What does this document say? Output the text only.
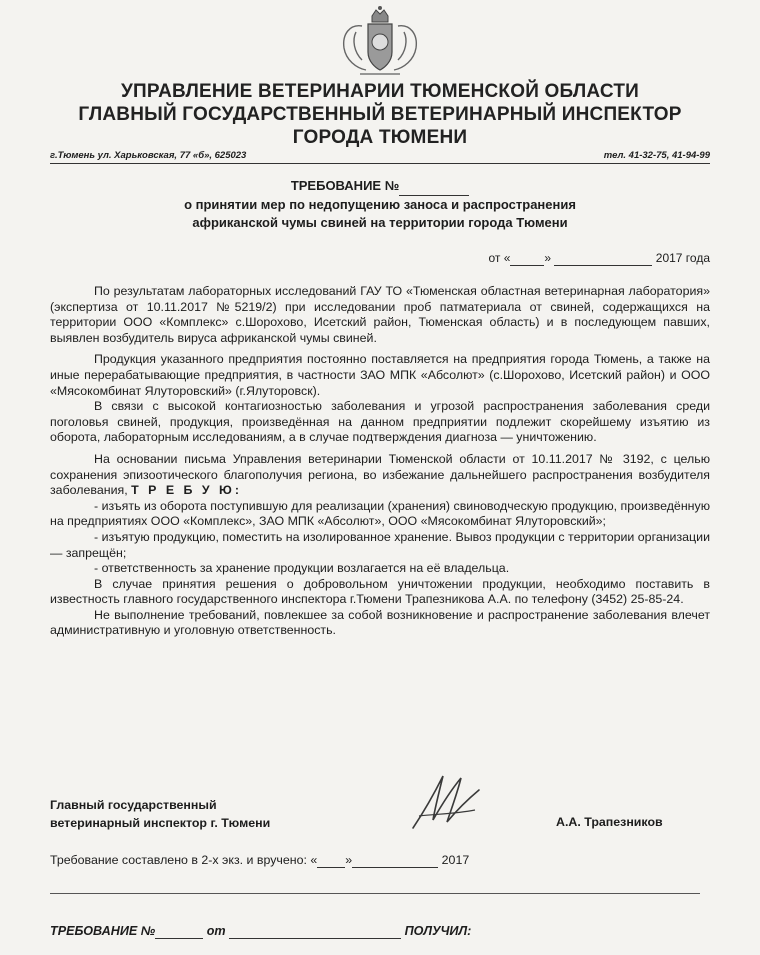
УПРАВЛЕНИЕ ВЕТЕРИНАРИИ ТЮМЕНСКОЙ ОБЛАСТИ
ГЛАВНЫЙ ГОСУДАРСТВЕННЫЙ ВЕТЕРИНАРНЫЙ ИНСПЕКТОР
ГОРОДА ТЮМЕНИ
г.Тюмень ул. Харьковская, 77 «б», 625023	тел. 41-32-75, 41-94-99
ТРЕБОВАНИЕ №
о принятии мер по недопущению заноса и распространения
африканской чумы свиней на территории города Тюмени
от «	»	2017 года

По результатам лабораторных исследований ГАУ ТО «Тюменская областная ветеринарная лаборатория» (экспертиза от 10.11.2017 №5219/2) при исследовании проб патматериала от свиней, содержащихся на территории ООО «Комплекс» с.Шорохово, Исетский район, Тюменская область) и в последующем павших, выявлен возбудитель вируса африканской чумы свиней.

Продукция указанного предприятия постоянно поставляется на предприятия города Тюмень, а также на иные перерабатывающие предприятия, в частности ЗАО МПК «Абсолют» (с.Шорохово, Исетский район) и ООО «Мясокомбинат Ялуторовский» (г.Ялуторовск).

В связи с высокой контагиозностью заболевания и угрозой распространения заболевания среди поголовья свиней, продукция, произведённая на данном предприятии подлежит скорейшему изъятию из оборота, лабораторным исследованиям, а в случае подтверждения диагноза — уничтожению.

На основании письма Управления ветеринарии Тюменской области от 10.11.2017 № 3192, с целью сохранения эпизоотического благополучия региона, во избежание дальнейшего распространения возбудителя заболевания, Т Р Е Б У Ю:

- изъять из оборота поступившую для реализации (хранения) свиноводческую продукцию, произведённую на предприятиях ООО «Комплекс», ЗАО МПК «Абсолют», ООО «Мясокомбинат Ялуторовский»;

- изъятую продукцию, поместить на изолированное хранение. Вывоз продукции с территории организации — запрещён;

- ответственность за хранение продукции возлагается на её владельца.

В случае принятия решения о добровольном уничтожении продукции, необходимо поставить в известность главного государственного инспектора г.Тюмени Трапезникова А.А. по телефону (3452) 25-85-24.

Не выполнение требований, повлекшее за собой возникновение и распространение заболевания влечет административную и уголовную ответственность.

Главный государственный
ветеринарный инспектор г. Тюмени	А.А. Трапезников
Требование составлено в 2-х экз. и вручено: « »	2017
ТРЕБОВАНИЕ №	от	ПОЛУЧИЛ:
